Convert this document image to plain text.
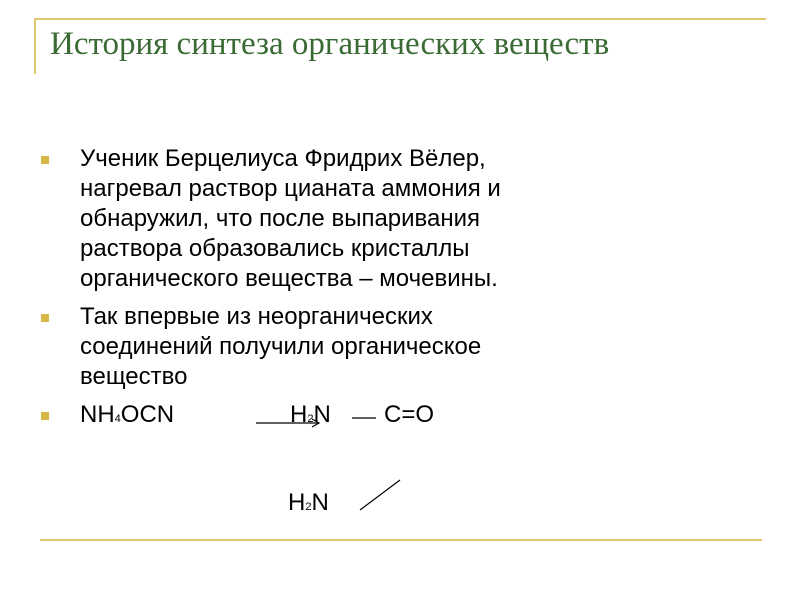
История синтеза органических веществ
Ученик Берцелиуса Фридрих Вёлер,
нагревал раствор цианата аммония и
обнаружил, что после выпаривания
раствора образовались кристаллы
органического вещества – мочевины.
Так впервые из неорганических
соединений получили органическое
вещество
NH4OCN	H2N C=O
H2N
